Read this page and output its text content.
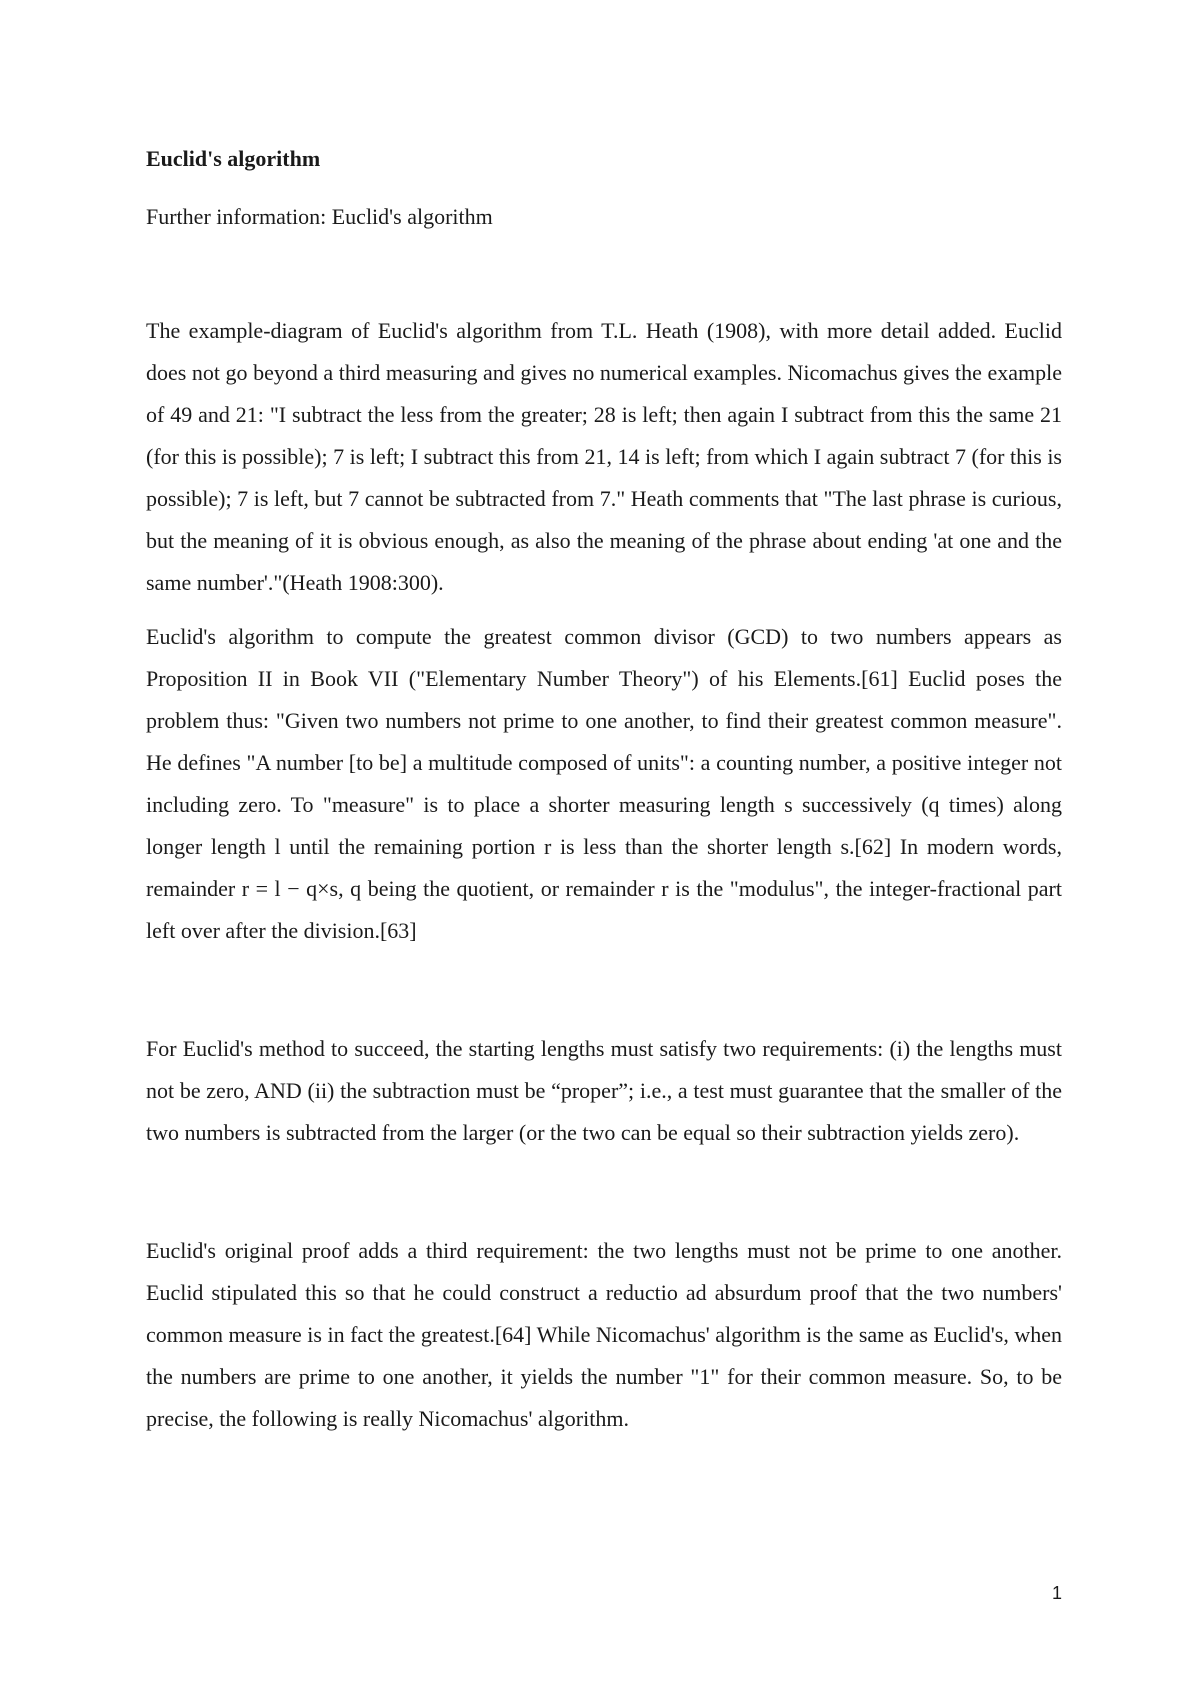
Euclid's algorithm

Further information: Euclid's algorithm

The example-diagram of Euclid's algorithm from T.L. Heath (1908), with more detail added. Euclid does not go beyond a third measuring and gives no numerical examples. Nicomachus gives the example of 49 and 21: "I subtract the less from the greater; 28 is left; then again I subtract from this the same 21 (for this is possible); 7 is left; I subtract this from 21, 14 is left; from which I again subtract 7 (for this is possible); 7 is left, but 7 cannot be subtracted from 7." Heath comments that "The last phrase is curious, but the meaning of it is obvious enough, as also the meaning of the phrase about ending 'at one and the same number'."(Heath 1908:300).

Euclid's algorithm to compute the greatest common divisor (GCD) to two numbers appears as Proposition II in Book VII ("Elementary Number Theory") of his Elements.[61] Euclid poses the problem thus: "Given two numbers not prime to one another, to find their greatest common measure". He defines "A number [to be] a multitude composed of units": a counting number, a positive integer not including zero. To "measure" is to place a shorter measuring length s successively (q times) along longer length l until the remaining portion r is less than the shorter length s.[62] In modern words, remainder r = l − q×s, q being the quotient, or remainder r is the "modulus", the integer-fractional part left over after the division.[63]

For Euclid's method to succeed, the starting lengths must satisfy two requirements: (i) the lengths must not be zero, AND (ii) the subtraction must be “proper”; i.e., a test must guarantee that the smaller of the two numbers is subtracted from the larger (or the two can be equal so their subtraction yields zero).

Euclid's original proof adds a third requirement: the two lengths must not be prime to one another. Euclid stipulated this so that he could construct a reductio ad absurdum proof that the two numbers' common measure is in fact the greatest.[64] While Nicomachus' algorithm is the same as Euclid's, when the numbers are prime to one another, it yields the number "1" for their common measure. So, to be precise, the following is really Nicomachus' algorithm.

1
